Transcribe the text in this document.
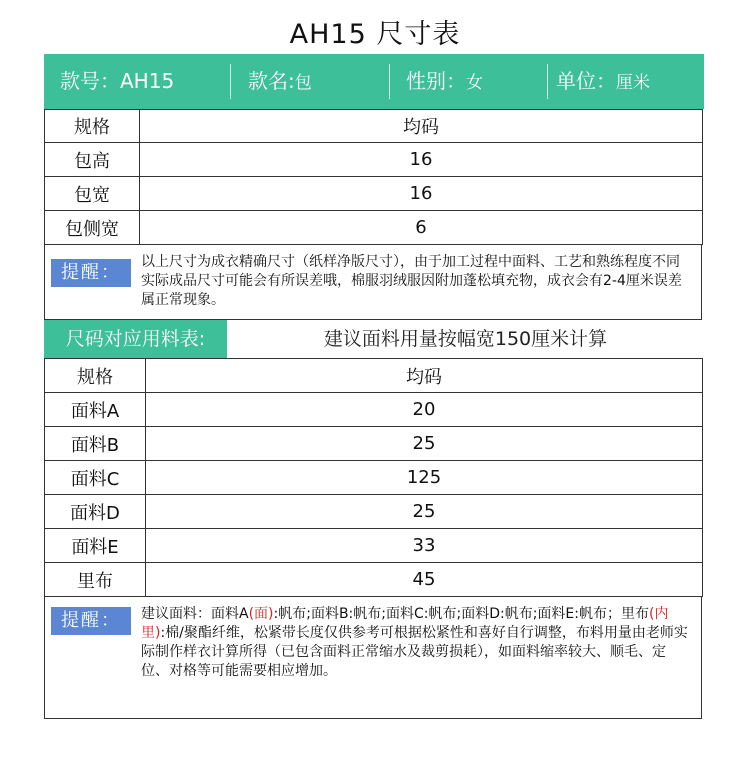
AH15 尺寸表
款号：AH15	款名:包	性别：女	单位：厘米
规格	均码
包高	16
包宽	16
包侧宽	6
提醒：	以上尺寸为成衣精确尺寸（纸样净版尺寸），由于加工过程中面料、工艺和熟练程度不同实际成品尺寸可能会有所误差哦，棉服羽绒服因附加蓬松填充物，成衣会有2-4厘米误差属正常现象。
尺码对应用料表:	建议面料用量按幅宽150厘米计算
规格	均码
面料A	20
面料B	25
面料C	125
面料D	25
面料E	33
里布	45
提醒：	建议面料：面料A(面):帆布;面料B:帆布;面料C:帆布;面料D:帆布;面料E:帆布；里布(内里):棉/聚酯纤维，松紧带长度仅供参考可根据松紧性和喜好自行调整，布料用量由老师实际制作样衣计算所得（已包含面料正常缩水及裁剪损耗），如面料缩率较大、顺毛、定位、对格等可能需要相应增加。
